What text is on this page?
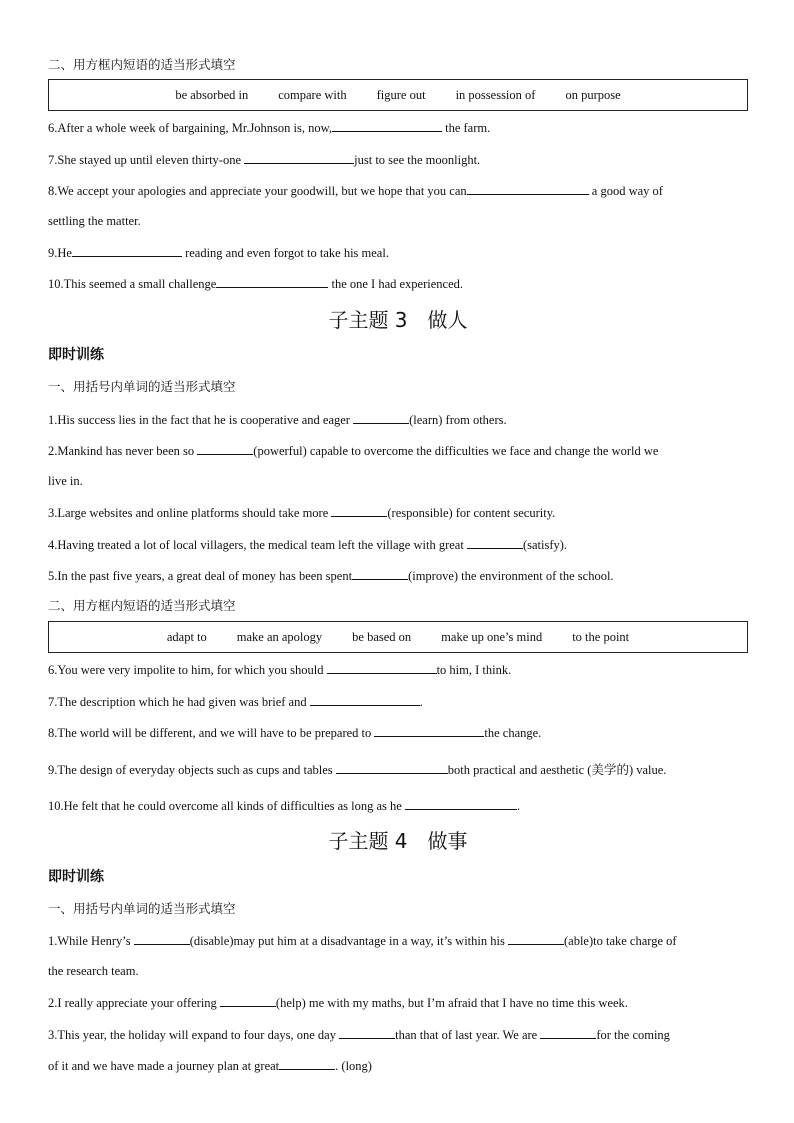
二、用方框内短语的适当形式填空
be absorbed in compare with figure out in possession of on purpose
6.After a whole week of bargaining, Mr.Johnson is, now,	the farm.
7.She stayed up until eleven thirty-one	just to see the moonlight.
8.We accept your apologies and appreciate your goodwill, but we hope that you can	a good way of
settling the matter.
9.He	reading and even forgot to take his meal.
10.This seemed a small challenge	the one I had experienced.
子主题 3　做人
即时训练
一、用括号内单词的适当形式填空
1.His success lies in the fact that he is cooperative and eager	(learn) from others.
2.Mankind has never been so	(powerful) capable to overcome the difficulties we face and change the world we
live in.
3.Large websites and online platforms should take more	(responsible) for content security.
4.Having treated a lot of local villagers, the medical team left the village with great	(satisfy).
5.In the past five years, a great deal of money has been spent	(improve) the environment of the school.
二、用方框内短语的适当形式填空
adapt to make an apology be based on make up one’s mind to the point
6.You were very impolite to him, for which you should	to him, I think.
7.The description which he had given was brief and	.
8.The world will be different, and we will have to be prepared to	the change.
9.The design of everyday objects such as cups and tables	both practical and aesthetic (美学的) value.
10.He felt that he could overcome all kinds of difficulties as long as he	.
子主题 4　做事
即时训练
一、用括号内单词的适当形式填空
1.While Henry’s	(disable)may put him at a disadvantage in a way, it’s within his	(able)to take charge of
the research team.
2.I really appreciate your offering	(help) me with my maths, but I’m afraid that I have no time this week.
3.This year, the holiday will expand to four days, one day	than that of last year. We are	for the coming
of it and we have made a journey plan at great	. (long)
